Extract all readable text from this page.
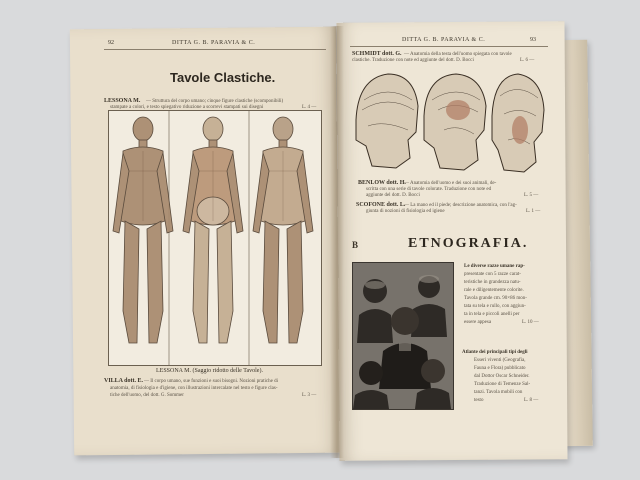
92	DITTA G. B. PARAVIA & C.
Tavole Clastiche.
LESSONA M. — Struttura del corpo umano; cinque figure clastiche (scomponibili)
stampate a colori, e testo spiegativo riduzione a scorrevi stampati sui disegni	L. 4 —
LESSONA M. (Saggio ridotto delle Tavole).
VILLA dott. E. — Il corpo umano, sue funzioni e suoi bisogni. Nozioni pratiche di
anatomia, di fisiologia e d'igiene, con illustrazioni intercalate nel testo e figure clas-
tiche dell'uomo, del dott. G. Sommer	L. 3 —
DITTA G. B. PARAVIA & C.	93
SCHMIDT dott. G. — Anatomia della testa dell'uomo spiegata con tavole
clastiche. Traduzione con note ed aggiunte del dott. D. Bocci	L. 6 —
BENLOW dott. H.
— Anatomia dell'uomo e dei suoi animali, de-
scritta con una serie di tavole colorate. Traduzione con note ed
aggiunte del dott. D. Bocci	L. 5 —
SCOFONE dott. L.
— La mano ed il piede; descrizione anatomica, con l'ag-
giunta di nozioni di fisiologia ed igiene	L. 1 —
B	ETNOGRAFIA.
Le diverse razze umane rap-
presentate con 5 razze carat-
teristiche in grandezza natu-
rale e diligentemente colorite.
Tavola grande cm. 90×86 mon-
tata su tela e rullo, con aggiun-
ta in tela e piccoli anelli per
essere appesa	L. 10 —
Atlante dei principali tipi degli
Esseri viventi (Geografia,
Fauna e Flora) pubblicato
dal Dottor Oscar Schneider.
Traduzione di Temenze Sal-
tanzi. Tavola mobili con
testo	L. 8 —
